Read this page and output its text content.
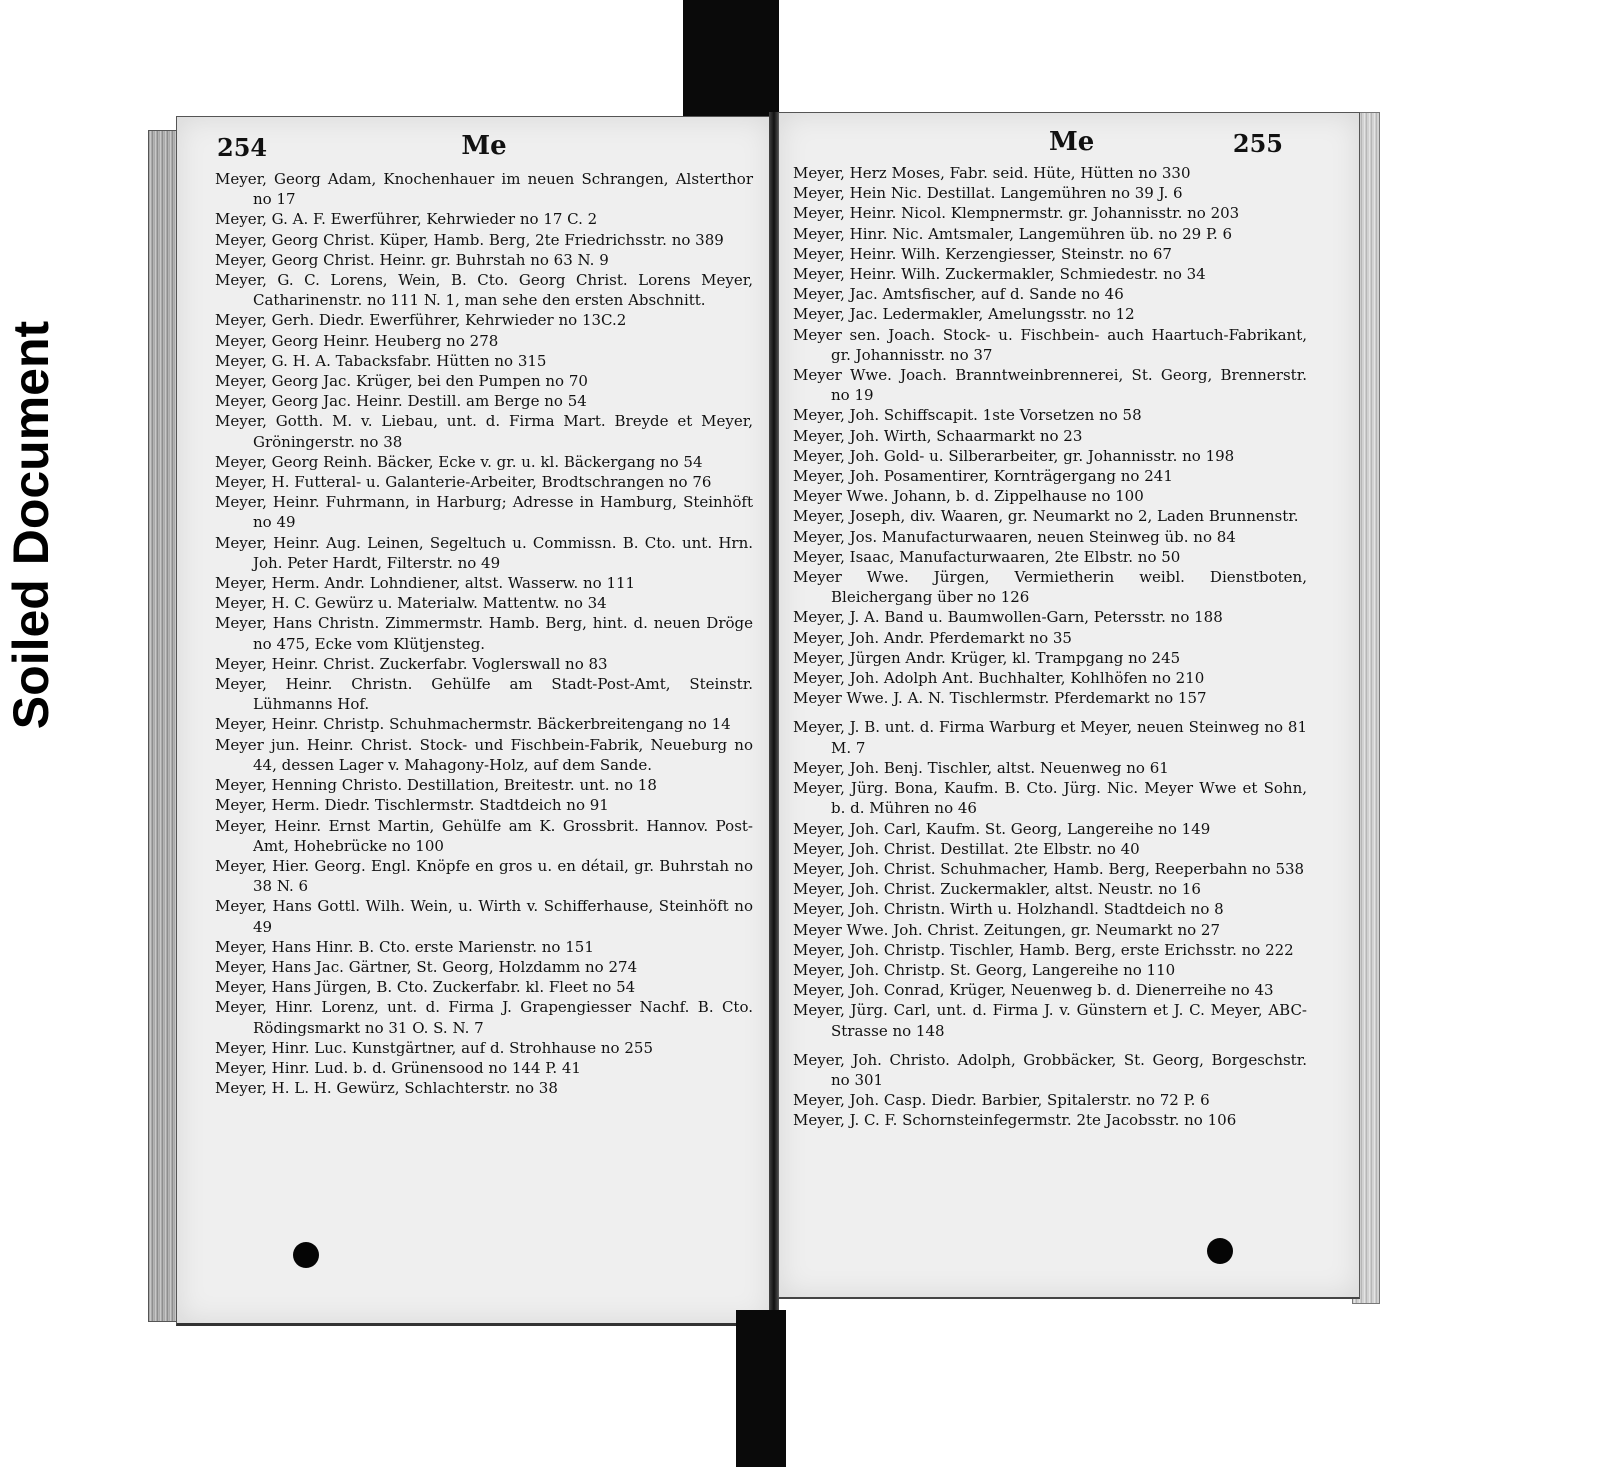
Soiled Document
254	Me

Meyer, Georg Adam, Knochenhauer im neuen Schrangen, Alsterthor no 17

Meyer, G. A. F. Ewerführer, Kehrwieder no 17 C. 2

Meyer, Georg Christ. Küper, Hamb. Berg, 2te Friedrichsstr. no 389

Meyer, Georg Christ. Heinr. gr. Buhrstah no 63 N. 9

Meyer, G. C. Lorens, Wein, B. Cto. Georg Christ. Lorens Meyer, Catharinenstr. no 111 N. 1, man sehe den ersten Abschnitt.

Meyer, Gerh. Diedr. Ewerführer, Kehrwieder no 13C.2

Meyer, Georg Heinr. Heuberg no 278

Meyer, G. H. A. Tabacksfabr. Hütten no 315

Meyer, Georg Jac. Krüger, bei den Pumpen no 70

Meyer, Georg Jac. Heinr. Destill. am Berge no 54

Meyer, Gotth. M. v. Liebau, unt. d. Firma Mart. Breyde et Meyer, Gröningerstr. no 38

Meyer, Georg Reinh. Bäcker, Ecke v. gr. u. kl. Bäckergang no 54

Meyer, H. Futteral- u. Galanterie-Arbeiter, Brodtschrangen no 76

Meyer, Heinr. Fuhrmann, in Harburg; Adresse in Hamburg, Steinhöft no 49

Meyer, Heinr. Aug. Leinen, Segeltuch u. Commissn. B. Cto. unt. Hrn. Joh. Peter Hardt, Filterstr. no 49

Meyer, Herm. Andr. Lohndiener, altst. Wasserw. no 111

Meyer, H. C. Gewürz u. Materialw. Mattentw. no 34

Meyer, Hans Christn. Zimmermstr. Hamb. Berg, hint. d. neuen Dröge no 475, Ecke vom Klütjensteg.

Meyer, Heinr. Christ. Zuckerfabr. Voglerswall no 83

Meyer, Heinr. Christn. Gehülfe am Stadt-Post-Amt, Steinstr. Lühmanns Hof.

Meyer, Heinr. Christp. Schuhmachermstr. Bäckerbreitengang no 14

Meyer jun. Heinr. Christ. Stock- und Fischbein-Fabrik, Neueburg no 44, dessen Lager v. Mahagony-Holz, auf dem Sande.

Meyer, Henning Christo. Destillation, Breitestr. unt. no 18

Meyer, Herm. Diedr. Tischlermstr. Stadtdeich no 91

Meyer, Heinr. Ernst Martin, Gehülfe am K. Grossbrit. Hannov. Post-Amt, Hohebrücke no 100

Meyer, Hier. Georg. Engl. Knöpfe en gros u. en détail, gr. Buhrstah no 38 N. 6

Meyer, Hans Gottl. Wilh. Wein, u. Wirth v. Schifferhause, Steinhöft no 49

Meyer, Hans Hinr. B. Cto. erste Marienstr. no 151

Meyer, Hans Jac. Gärtner, St. Georg, Holzdamm no 274

Meyer, Hans Jürgen, B. Cto. Zuckerfabr. kl. Fleet no 54

Meyer, Hinr. Lorenz, unt. d. Firma J. Grapengiesser Nachf. B. Cto. Rödingsmarkt no 31 O. S. N. 7

Meyer, Hinr. Luc. Kunstgärtner, auf d. Strohhause no 255

Meyer, Hinr. Lud. b. d. Grünensood no 144 P. 41

Meyer, H. L. H. Gewürz, Schlachterstr. no 38

Me	255

Meyer, Herz Moses, Fabr. seid. Hüte, Hütten no 330

Meyer, Hein Nic. Destillat. Langemühren no 39 J. 6

Meyer, Heinr. Nicol. Klempnermstr. gr. Johannisstr. no 203

Meyer, Hinr. Nic. Amtsmaler, Langemühren üb. no 29 P. 6

Meyer, Heinr. Wilh. Kerzengiesser, Steinstr. no 67

Meyer, Heinr. Wilh. Zuckermakler, Schmiedestr. no 34

Meyer, Jac. Amtsfischer, auf d. Sande no 46

Meyer, Jac. Ledermakler, Amelungsstr. no 12

Meyer sen. Joach. Stock- u. Fischbein- auch Haartuch-Fabrikant, gr. Johannisstr. no 37

Meyer Wwe. Joach. Branntweinbrennerei, St. Georg, Brennerstr. no 19

Meyer, Joh. Schiffscapit. 1ste Vorsetzen no 58

Meyer, Joh. Wirth, Schaarmarkt no 23

Meyer, Joh. Gold- u. Silberarbeiter, gr. Johannisstr. no 198

Meyer, Joh. Posamentirer, Kornträgergang no 241

Meyer Wwe. Johann, b. d. Zippelhause no 100

Meyer, Joseph, div. Waaren, gr. Neumarkt no 2, Laden Brunnenstr.

Meyer, Jos. Manufacturwaaren, neuen Steinweg üb. no 84

Meyer, Isaac, Manufacturwaaren, 2te Elbstr. no 50

Meyer Wwe. Jürgen, Vermietherin weibl. Dienstboten, Bleichergang über no 126

Meyer, J. A. Band u. Baumwollen-Garn, Petersstr. no 188

Meyer, Joh. Andr. Pferdemarkt no 35

Meyer, Jürgen Andr. Krüger, kl. Trampgang no 245

Meyer, Joh. Adolph Ant. Buchhalter, Kohlhöfen no 210

Meyer Wwe. J. A. N. Tischlermstr. Pferdemarkt no 157

Meyer, J. B. unt. d. Firma Warburg et Meyer, neuen Steinweg no 81 M. 7

Meyer, Joh. Benj. Tischler, altst. Neuenweg no 61

Meyer, Jürg. Bona, Kaufm. B. Cto. Jürg. Nic. Meyer Wwe et Sohn, b. d. Mühren no 46

Meyer, Joh. Carl, Kaufm. St. Georg, Langereihe no 149

Meyer, Joh. Christ. Destillat. 2te Elbstr. no 40

Meyer, Joh. Christ. Schuhmacher, Hamb. Berg, Reeperbahn no 538

Meyer, Joh. Christ. Zuckermakler, altst. Neustr. no 16

Meyer, Joh. Christn. Wirth u. Holzhandl. Stadtdeich no 8

Meyer Wwe. Joh. Christ. Zeitungen, gr. Neumarkt no 27

Meyer, Joh. Christp. Tischler, Hamb. Berg, erste Erichsstr. no 222

Meyer, Joh. Christp. St. Georg, Langereihe no 110

Meyer, Joh. Conrad, Krüger, Neuenweg b. d. Dienerreihe no 43

Meyer, Jürg. Carl, unt. d. Firma J. v. Günstern et J. C. Meyer, ABC-Strasse no 148

Meyer, Joh. Christo. Adolph, Grobbäcker, St. Georg, Borgeschstr. no 301

Meyer, Joh. Casp. Diedr. Barbier, Spitalerstr. no 72 P. 6

Meyer, J. C. F. Schornsteinfegermstr. 2te Jacobsstr. no 106
